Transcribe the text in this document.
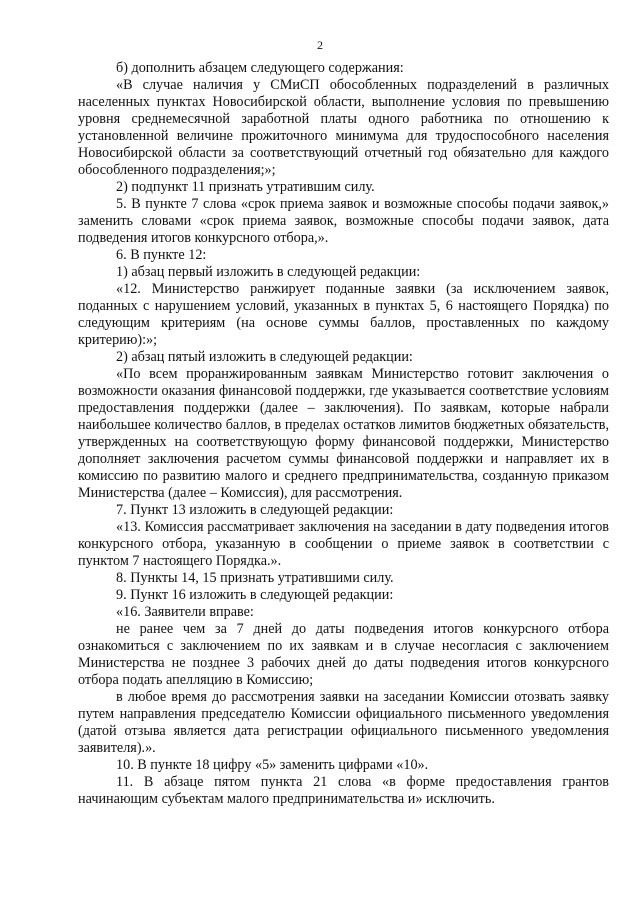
2

б) дополнить абзацем следующего содержания:

«В случае наличия у СМиСП обособленных подразделений в различных населенных пунктах Новосибирской области, выполнение условия по превышению уровня среднемесячной заработной платы одного работника по отношению к установленной величине прожиточного минимума для трудоспособного населения Новосибирской области за соответствующий отчетный год обязательно для каждого обособленного подразделения;»;

2) подпункт 11 признать утратившим силу.

5. В пункте 7 слова «срок приема заявок и возможные способы подачи заявок,» заменить словами «срок приема заявок, возможные способы подачи заявок, дата подведения итогов конкурсного отбора,».

6. В пункте 12:

1) абзац первый изложить в следующей редакции:

«12. Министерство ранжирует поданные заявки (за исключением заявок, поданных с нарушением условий, указанных в пунктах 5, 6 настоящего Порядка) по следующим критериям (на основе суммы баллов, проставленных по каждому критерию):»;

2) абзац пятый изложить в следующей редакции:

«По всем проранжированным заявкам Министерство готовит заключения о возможности оказания финансовой поддержки, где указывается соответствие условиям предоставления поддержки (далее – заключения). По заявкам, которые набрали наибольшее количество баллов, в пределах остатков лимитов бюджетных обязательств, утвержденных на соответствующую форму финансовой поддержки, Министерство дополняет заключения расчетом суммы финансовой поддержки и направляет их в комиссию по развитию малого и среднего предпринимательства, созданную приказом Министерства (далее – Комиссия), для рассмотрения.

7. Пункт 13 изложить в следующей редакции:

«13. Комиссия рассматривает заключения на заседании в дату подведения итогов конкурсного отбора, указанную в сообщении о приеме заявок в соответствии с пунктом 7 настоящего Порядка.».

8. Пункты 14, 15 признать утратившими силу.

9. Пункт 16 изложить в следующей редакции:

«16. Заявители вправе:

не ранее чем за 7 дней до даты подведения итогов конкурсного отбора ознакомиться с заключением по их заявкам и в случае несогласия с заключением Министерства не позднее 3 рабочих дней до даты подведения итогов конкурсного отбора подать апелляцию в Комиссию;

в любое время до рассмотрения заявки на заседании Комиссии отозвать заявку путем направления председателю Комиссии официального письменного уведомления (датой отзыва является дата регистрации официального письменного уведомления заявителя).».

10. В пункте 18 цифру «5» заменить цифрами «10».

11. В абзаце пятом пункта 21 слова «в форме предоставления грантов начинающим субъектам малого предпринимательства и» исключить.
